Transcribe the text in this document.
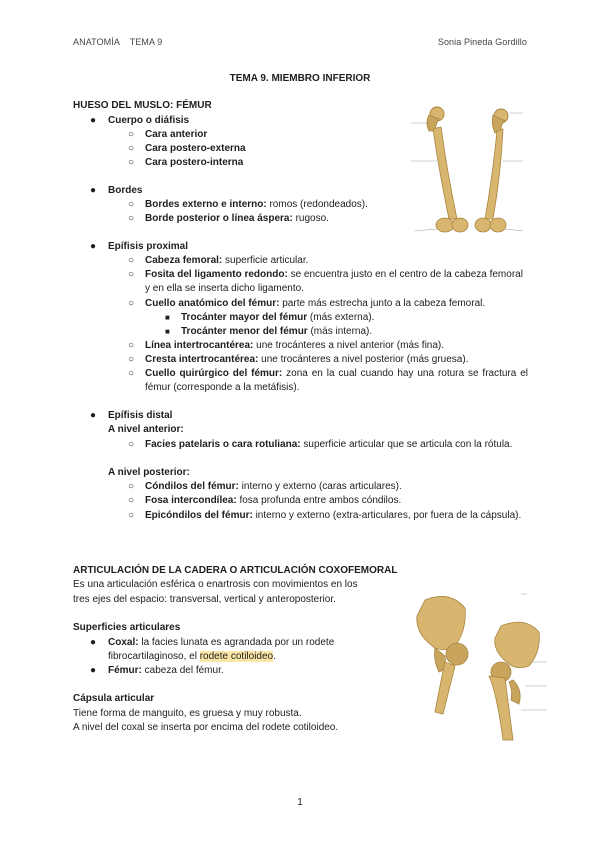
ANATOMÍA    TEMA 9	Sonia Pineda Gordillo
TEMA 9. MIEMBRO INFERIOR
HUESO DEL MUSLO: FÉMUR
● Cuerpo o diáfisis
○ Cara anterior
○ Cara postero-externa
○ Cara postero-interna
● Bordes
○ Bordes externo e interno: romos (redondeados).
○ Borde posterior o línea áspera: rugoso.
● Epífisis proximal
○ Cabeza femoral: superficie articular.
○ Fosita del ligamento redondo: se encuentra justo en el centro de la cabeza femoral y en ella se inserta dicho ligamento.
○ Cuello anatómico del fémur: parte más estrecha junto a la cabeza femoral.
■ Trocánter mayor del fémur (más externa).
■ Trocánter menor del fémur (más interna).
○ Línea intertrocantérea: une trocánteres a nivel anterior (más fina).
○ Cresta intertrocantérea: une trocánteres a nivel posterior (más gruesa).
○ Cuello quirúrgico del fémur: zona en la cual cuando hay una rotura se fractura el fémur (corresponde a la metáfisis).
● Epífisis distal
A nivel anterior:
○ Facies patelaris o cara rotuliana: superficie articular que se articula con la rótula.
A nivel posterior:
○ Cóndilos del fémur: interno y externo (caras articulares).
○ Fosa intercondílea: fosa profunda entre ambos cóndilos.
○ Epicóndilos del fémur: interno y externo (extra-articulares, por fuera de la cápsula).
ARTICULACIÓN DE LA CADERA O ARTICULACIÓN COXOFEMORAL
Es una articulación esférica o enartrosis con movimientos en los
tres ejes del espacio: transversal, vertical y anteroposterior.
Superficies articulares
● Coxal: la facies lunata es agrandada por un rodete
fibrocartilaginoso, el rodete cotiloideo.
● Fémur: cabeza del fémur.
Cápsula articular
Tiene forma de manguito, es gruesa y muy robusta.
A nivel del coxal se inserta por encima del rodete cotiloideo.
1
